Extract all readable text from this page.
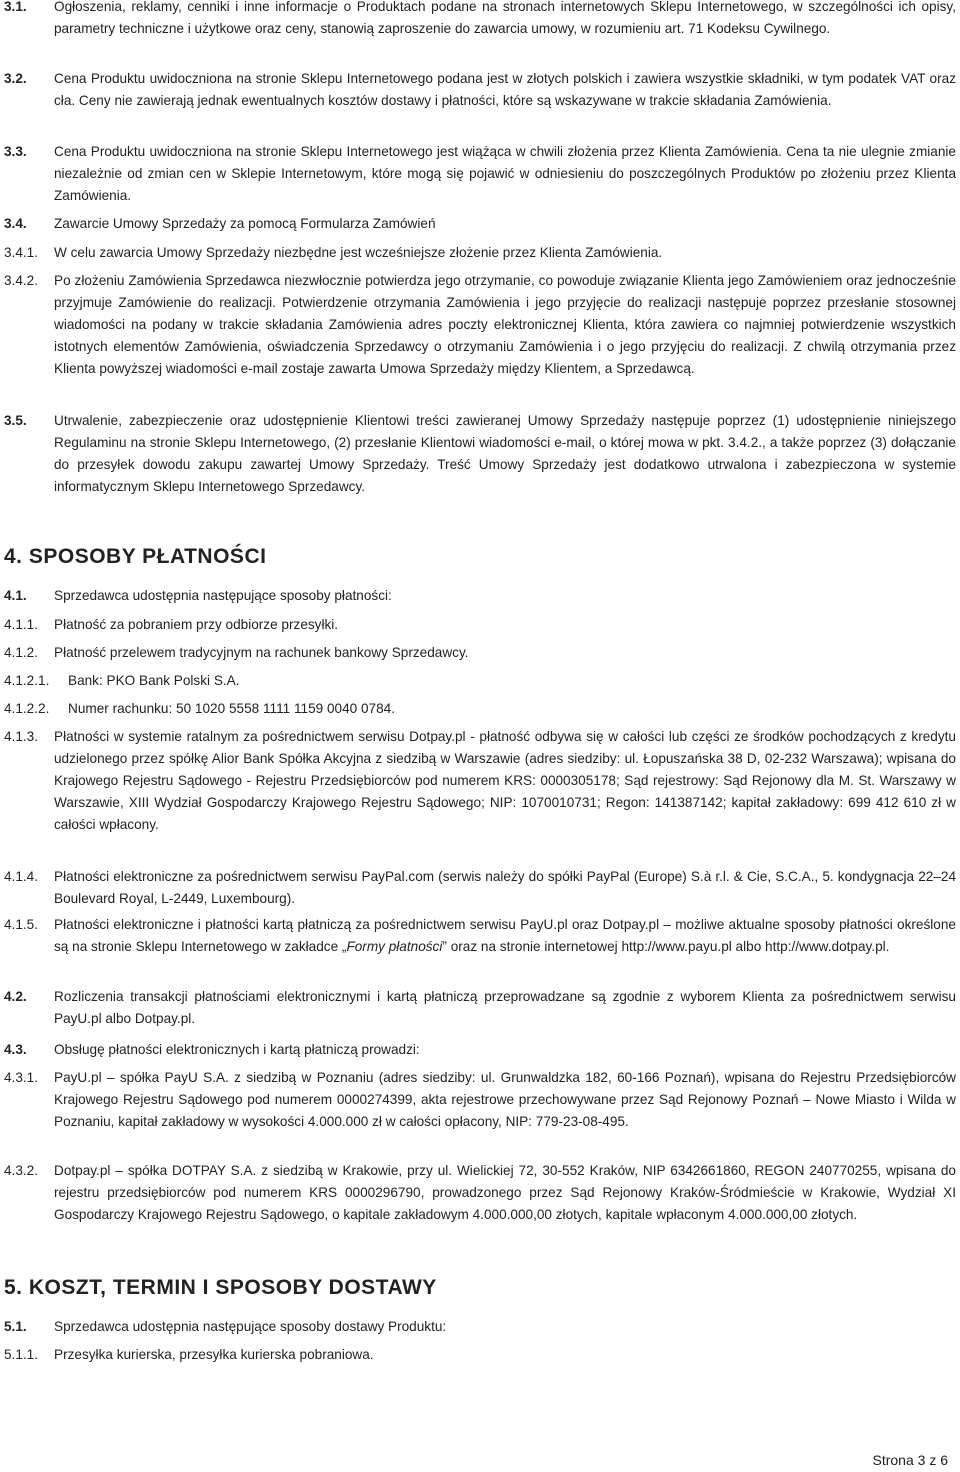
3.1. Ogłoszenia, reklamy, cenniki i inne informacje o Produktach podane na stronach internetowych Sklepu Internetowego, w szczególności ich opisy, parametry techniczne i użytkowe oraz ceny, stanowią zaproszenie do zawarcia umowy, w rozumieniu art. 71 Kodeksu Cywilnego.
3.2. Cena Produktu uwidoczniona na stronie Sklepu Internetowego podana jest w złotych polskich i zawiera wszystkie składniki, w tym podatek VAT oraz cła. Ceny nie zawierają jednak ewentualnych kosztów dostawy i płatności, które są wskazywane w trakcie składania Zamówienia.
3.3. Cena Produktu uwidoczniona na stronie Sklepu Internetowego jest wiążąca w chwili złożenia przez Klienta Zamówienia. Cena ta nie ulegnie zmianie niezależnie od zmian cen w Sklepie Internetowym, które mogą się pojawić w odniesieniu do poszczególnych Produktów po złożeniu przez Klienta Zamówienia.
3.4. Zawarcie Umowy Sprzedaży za pomocą Formularza Zamówień
3.4.1. W celu zawarcia Umowy Sprzedaży niezbędne jest wcześniejsze złożenie przez Klienta Zamówienia.
3.4.2. Po złożeniu Zamówienia Sprzedawca niezwłocznie potwierdza jego otrzymanie, co powoduje związanie Klienta jego Zamówieniem oraz jednocześnie przyjmuje Zamówienie do realizacji. Potwierdzenie otrzymania Zamówienia i jego przyjęcie do realizacji następuje poprzez przesłanie stosownej wiadomości na podany w trakcie składania Zamówienia adres poczty elektronicznej Klienta, która zawiera co najmniej potwierdzenie wszystkich istotnych elementów Zamówienia, oświadczenia Sprzedawcy o otrzymaniu Zamówienia i o jego przyjęciu do realizacji. Z chwilą otrzymania przez Klienta powyższej wiadomości e-mail zostaje zawarta Umowa Sprzedaży między Klientem, a Sprzedawcą.
3.5. Utrwalenie, zabezpieczenie oraz udostępnienie Klientowi treści zawieranej Umowy Sprzedaży następuje poprzez (1) udostępnienie niniejszego Regulaminu na stronie Sklepu Internetowego, (2) przesłanie Klientowi wiadomości e-mail, o której mowa w pkt. 3.4.2., a także poprzez (3) dołączanie do przesyłek dowodu zakupu zawartej Umowy Sprzedaży. Treść Umowy Sprzedaży jest dodatkowo utrwalona i zabezpieczona w systemie informatycznym Sklepu Internetowego Sprzedawcy.
4. SPOSOBY PŁATNOŚCI
4.1. Sprzedawca udostępnia następujące sposoby płatności:
4.1.1. Płatność za pobraniem przy odbiorze przesyłki.
4.1.2. Płatność przelewem tradycyjnym na rachunek bankowy Sprzedawcy.
4.1.2.1. Bank: PKO Bank Polski S.A.
4.1.2.2. Numer rachunku: 50 1020 5558 1111 1159 0040 0784.
4.1.3. Płatności w systemie ratalnym za pośrednictwem serwisu Dotpay.pl - płatność odbywa się w całości lub części ze środków pochodzących z kredytu udzielonego przez spółkę Alior Bank Spółka Akcyjna z siedzibą w Warszawie (adres siedziby: ul. Łopuszańska 38 D, 02-232 Warszawa); wpisana do Krajowego Rejestru Sądowego - Rejestru Przedsiębiorców pod numerem KRS: 0000305178; Sąd rejestrowy: Sąd Rejonowy dla M. St. Warszawy w Warszawie, XIII Wydział Gospodarczy Krajowego Rejestru Sądowego; NIP: 1070010731; Regon: 141387142; kapitał zakładowy: 699 412 610 zł w całości wpłacony.
4.1.4. Płatności elektroniczne za pośrednictwem serwisu PayPal.com (serwis należy do spółki PayPal (Europe) S.à r.l. & Cie, S.C.A., 5. kondygnacja 22–24 Boulevard Royal, L-2449, Luxembourg).
4.1.5. Płatności elektroniczne i płatności kartą płatniczą za pośrednictwem serwisu PayU.pl oraz Dotpay.pl – możliwe aktualne sposoby płatności określone są na stronie Sklepu Internetowego w zakładce „Formy płatności” oraz na stronie internetowej http://www.payu.pl albo http://www.dotpay.pl.
4.2. Rozliczenia transakcji płatnościami elektronicznymi i kartą płatniczą przeprowadzane są zgodnie z wyborem Klienta za pośrednictwem serwisu PayU.pl albo Dotpay.pl.
4.3. Obsługę płatności elektronicznych i kartą płatniczą prowadzi:
4.3.1. PayU.pl – spółka PayU S.A. z siedzibą w Poznaniu (adres siedziby: ul. Grunwaldzka 182, 60-166 Poznań), wpisana do Rejestru Przedsiębiorców Krajowego Rejestru Sądowego pod numerem 0000274399, akta rejestrowe przechowywane przez Sąd Rejonowy Poznań – Nowe Miasto i Wilda w Poznaniu, kapitał zakładowy w wysokości 4.000.000 zł w całości opłacony, NIP: 779-23-08-495.
4.3.2. Dotpay.pl – spółka DOTPAY S.A. z siedzibą w Krakowie, przy ul. Wielickiej 72, 30-552 Kraków, NIP 6342661860, REGON 240770255, wpisana do rejestru przedsiębiorców pod numerem KRS 0000296790, prowadzonego przez Sąd Rejonowy Kraków-Śródmieście w Krakowie, Wydział XI Gospodarczy Krajowego Rejestru Sądowego, o kapitale zakładowym 4.000.000,00 złotych, kapitale wpłaconym 4.000.000,00 złotych.
5. KOSZT, TERMIN I SPOSOBY DOSTAWY
5.1. Sprzedawca udostępnia następujące sposoby dostawy Produktu:
5.1.1. Przesyłka kurierska, przesyłka kurierska pobraniowa.
Strona 3 z 6
